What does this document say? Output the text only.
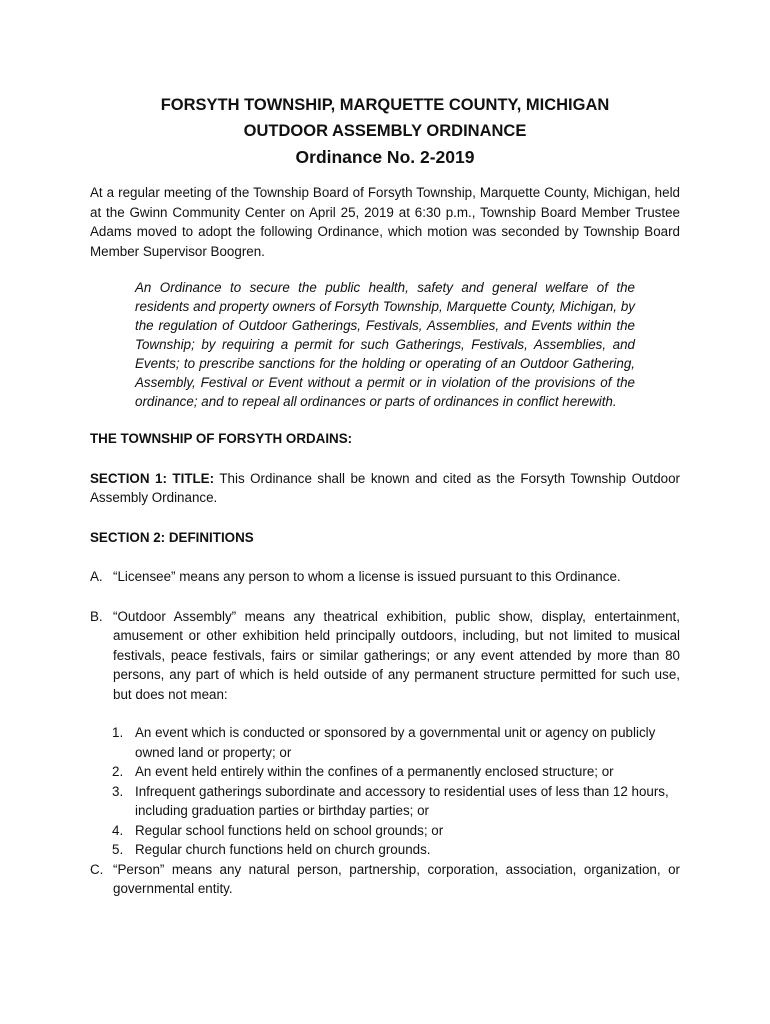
FORSYTH TOWNSHIP, MARQUETTE COUNTY, MICHIGAN
OUTDOOR ASSEMBLY ORDINANCE
Ordinance No. 2-2019

At a regular meeting of the Township Board of Forsyth Township, Marquette County, Michigan, held at the Gwinn Community Center on April 25, 2019 at 6:30 p.m., Township Board Member Trustee Adams moved to adopt the following Ordinance, which motion was seconded by Township Board Member Supervisor Boogren.

An Ordinance to secure the public health, safety and general welfare of the residents and property owners of Forsyth Township, Marquette County, Michigan, by the regulation of Outdoor Gatherings, Festivals, Assemblies, and Events within the Township; by requiring a permit for such Gatherings, Festivals, Assemblies, and Events; to prescribe sanctions for the holding or operating of an Outdoor Gathering, Assembly, Festival or Event without a permit or in violation of the provisions of the ordinance; and to repeal all ordinances or parts of ordinances in conflict herewith.

THE TOWNSHIP OF FORSYTH ORDAINS:

SECTION 1: TITLE: This Ordinance shall be known and cited as the Forsyth Township Outdoor Assembly Ordinance.

SECTION 2: DEFINITIONS

A. “Licensee” means any person to whom a license is issued pursuant to this Ordinance.

B. “Outdoor Assembly” means any theatrical exhibition, public show, display, entertainment, amusement or other exhibition held principally outdoors, including, but not limited to musical festivals, peace festivals, fairs or similar gatherings; or any event attended by more than 80 persons, any part of which is held outside of any permanent structure permitted for such use, but does not mean:

1. An event which is conducted or sponsored by a governmental unit or agency on publicly owned land or property; or

2. An event held entirely within the confines of a permanently enclosed structure; or

3. Infrequent gatherings subordinate and accessory to residential uses of less than 12 hours, including graduation parties or birthday parties; or

4. Regular school functions held on school grounds; or

5. Regular church functions held on church grounds.

C. “Person” means any natural person, partnership, corporation, association, organization, or governmental entity.
